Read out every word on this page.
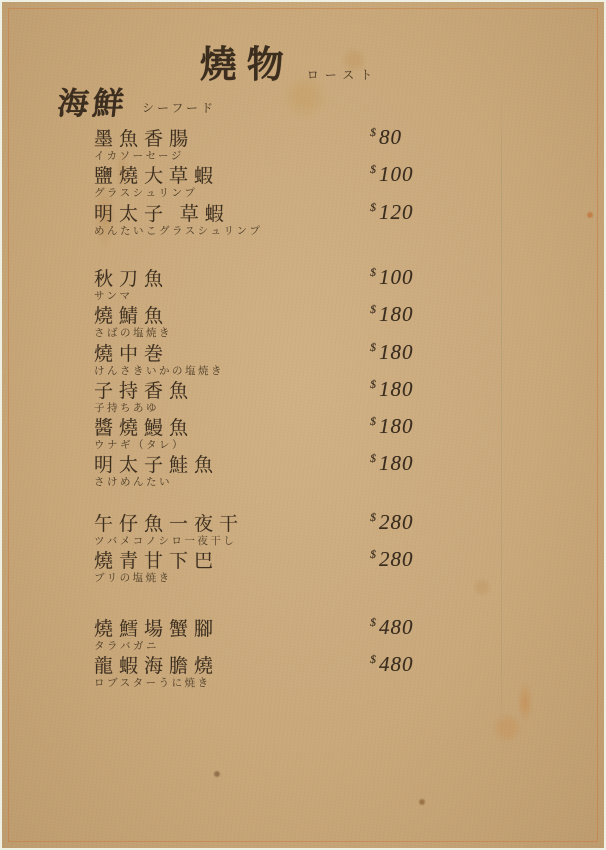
燒物 ロースト
海鮮 シーフード
$80
墨魚香腸
イカソーセージ
$100
鹽燒大草蝦
グラスシュリンプ
$120
明太子 草蝦
めんたいこグラスシュリンプ
$100
秋刀魚
サンマ
$180
燒鯖魚
さばの塩焼き
$180
燒中巻
けんさきいかの塩焼き
$180
子持香魚
子持ちあゆ
$180
醬燒鰻魚
ウナギ（タレ）
$180
明太子鮭魚
さけめんたい
$280
午仔魚一夜干
ツバメコノシロ一夜干し
$280
燒青甘下巴
ブリの塩焼き
$480
燒鱈場蟹腳
タラバガニ
$480
龍蝦海膽燒
ロブスターうに焼き
